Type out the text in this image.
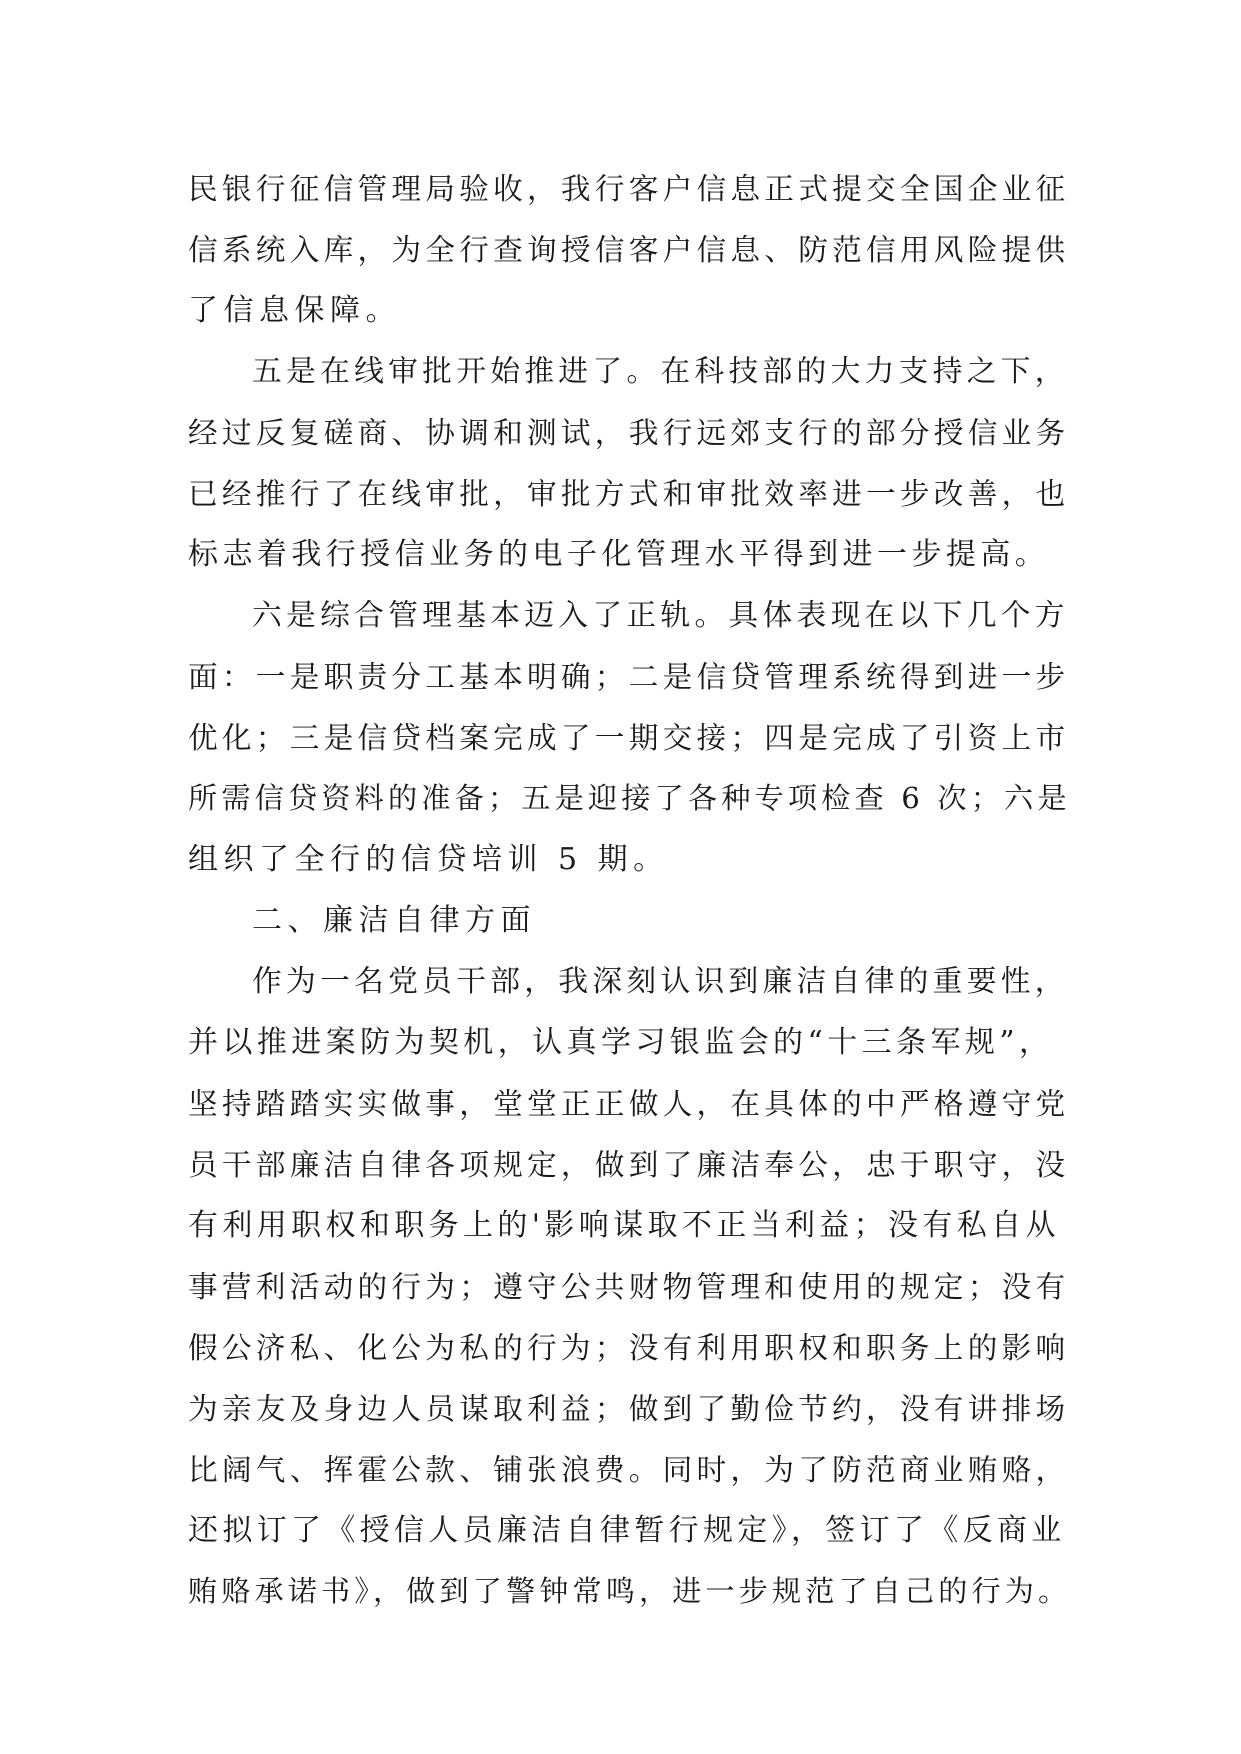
民银行征信管理局验收，我行客户信息正式提交全国企业征
信系统入库，为全行查询授信客户信息、防范信用风险提供
了信息保障。
五是在线审批开始推进了。在科技部的大力支持之下，
经过反复磋商、协调和测试，我行远郊支行的部分授信业务
已经推行了在线审批，审批方式和审批效率进一步改善，也
标志着我行授信业务的电子化管理水平得到进一步提高。
六是综合管理基本迈入了正轨。具体表现在以下几个方
面：一是职责分工基本明确；二是信贷管理系统得到进一步
优化；三是信贷档案完成了一期交接；四是完成了引资上市
所需信贷资料的准备；五是迎接了各种专项检查 6 次；六是
组织了全行的信贷培训 5 期。
二、廉洁自律方面
作为一名党员干部，我深刻认识到廉洁自律的重要性，
并以推进案防为契机，认真学习银监会的“十三条军规”，
坚持踏踏实实做事，堂堂正正做人，在具体的中严格遵守党
员干部廉洁自律各项规定，做到了廉洁奉公，忠于职守，没
有利用职权和职务上的'影响谋取不正当利益；没有私自从
事营利活动的行为；遵守公共财物管理和使用的规定；没有
假公济私、化公为私的行为；没有利用职权和职务上的影响
为亲友及身边人员谋取利益；做到了勤俭节约，没有讲排场
比阔气、挥霍公款、铺张浪费。同时，为了防范商业贿赂，
还拟订了《授信人员廉洁自律暂行规定》，签订了《反商业
贿赂承诺书》，做到了警钟常鸣，进一步规范了自己的行为。
